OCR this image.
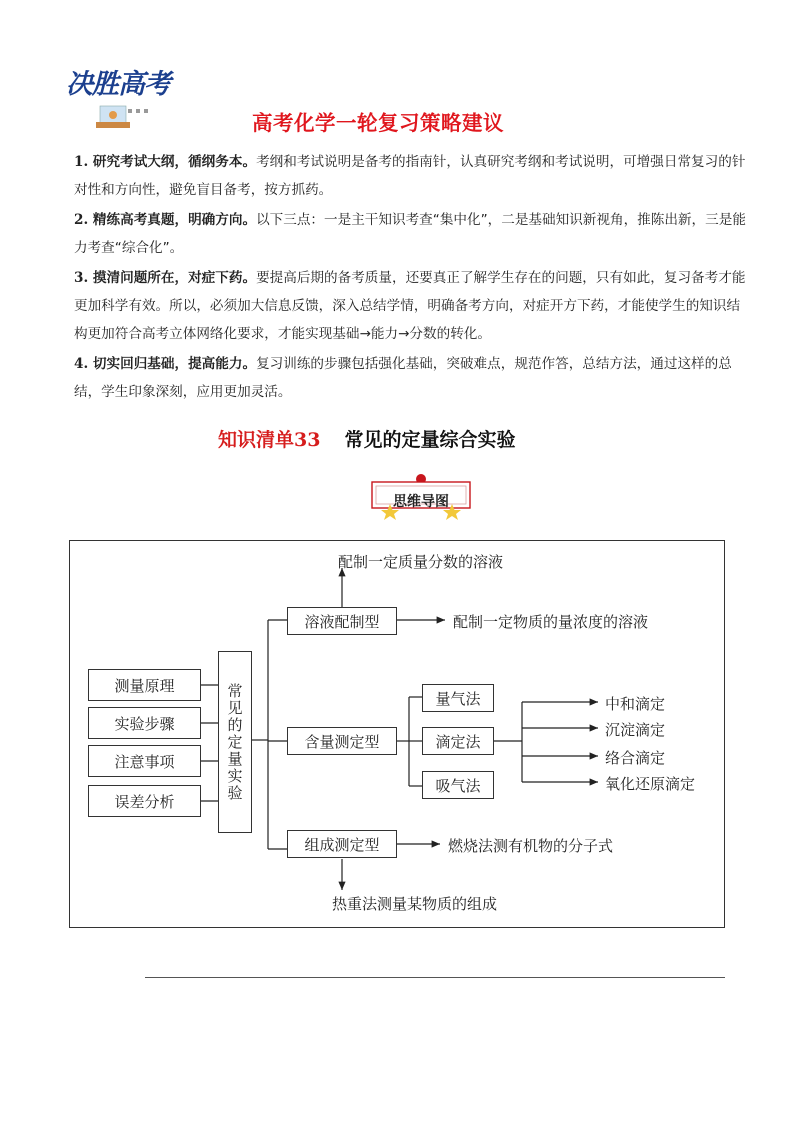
决胜高考
高考化学一轮复习策略建议
1. 研究考试大纲，循纲务本。考纲和考试说明是备考的指南针，认真研究考纲和考试说明，可增强日常复习的针对性和方向性，避免盲目备考，按方抓药。
2. 精练高考真题，明确方向。以下三点：一是主干知识考查“集中化”，二是基础知识新视角，推陈出新，三是能力考查“综合化”。
3. 摸清问题所在，对症下药。要提高后期的备考质量，还要真正了解学生存在的问题，只有如此，复习备考才能更加科学有效。所以，必须加大信息反馈，深入总结学情，明确备考方向，对症开方下药，才能使学生的知识结构更加符合高考立体网络化要求，才能实现基础→能力→分数的转化。
4. 切实回归基础，提高能力。复习训练的步骤包括强化基础，突破难点，规范作答，总结方法，通过这样的总结，学生印象深刻，应用更加灵活。
知识清单33 常见的定量综合实验
思维导图
配制一定质量分数的溶液
测量原理
实验步骤
注意事项
误差分析
常见的定量实验
溶液配制型	配制一定物质的量浓度的溶液
含量测定型
量气法
滴定法
吸气法
中和滴定
沉淀滴定
络合滴定
氧化还原滴定
组成测定型	燃烧法测有机物的分子式
热重法测量某物质的组成
